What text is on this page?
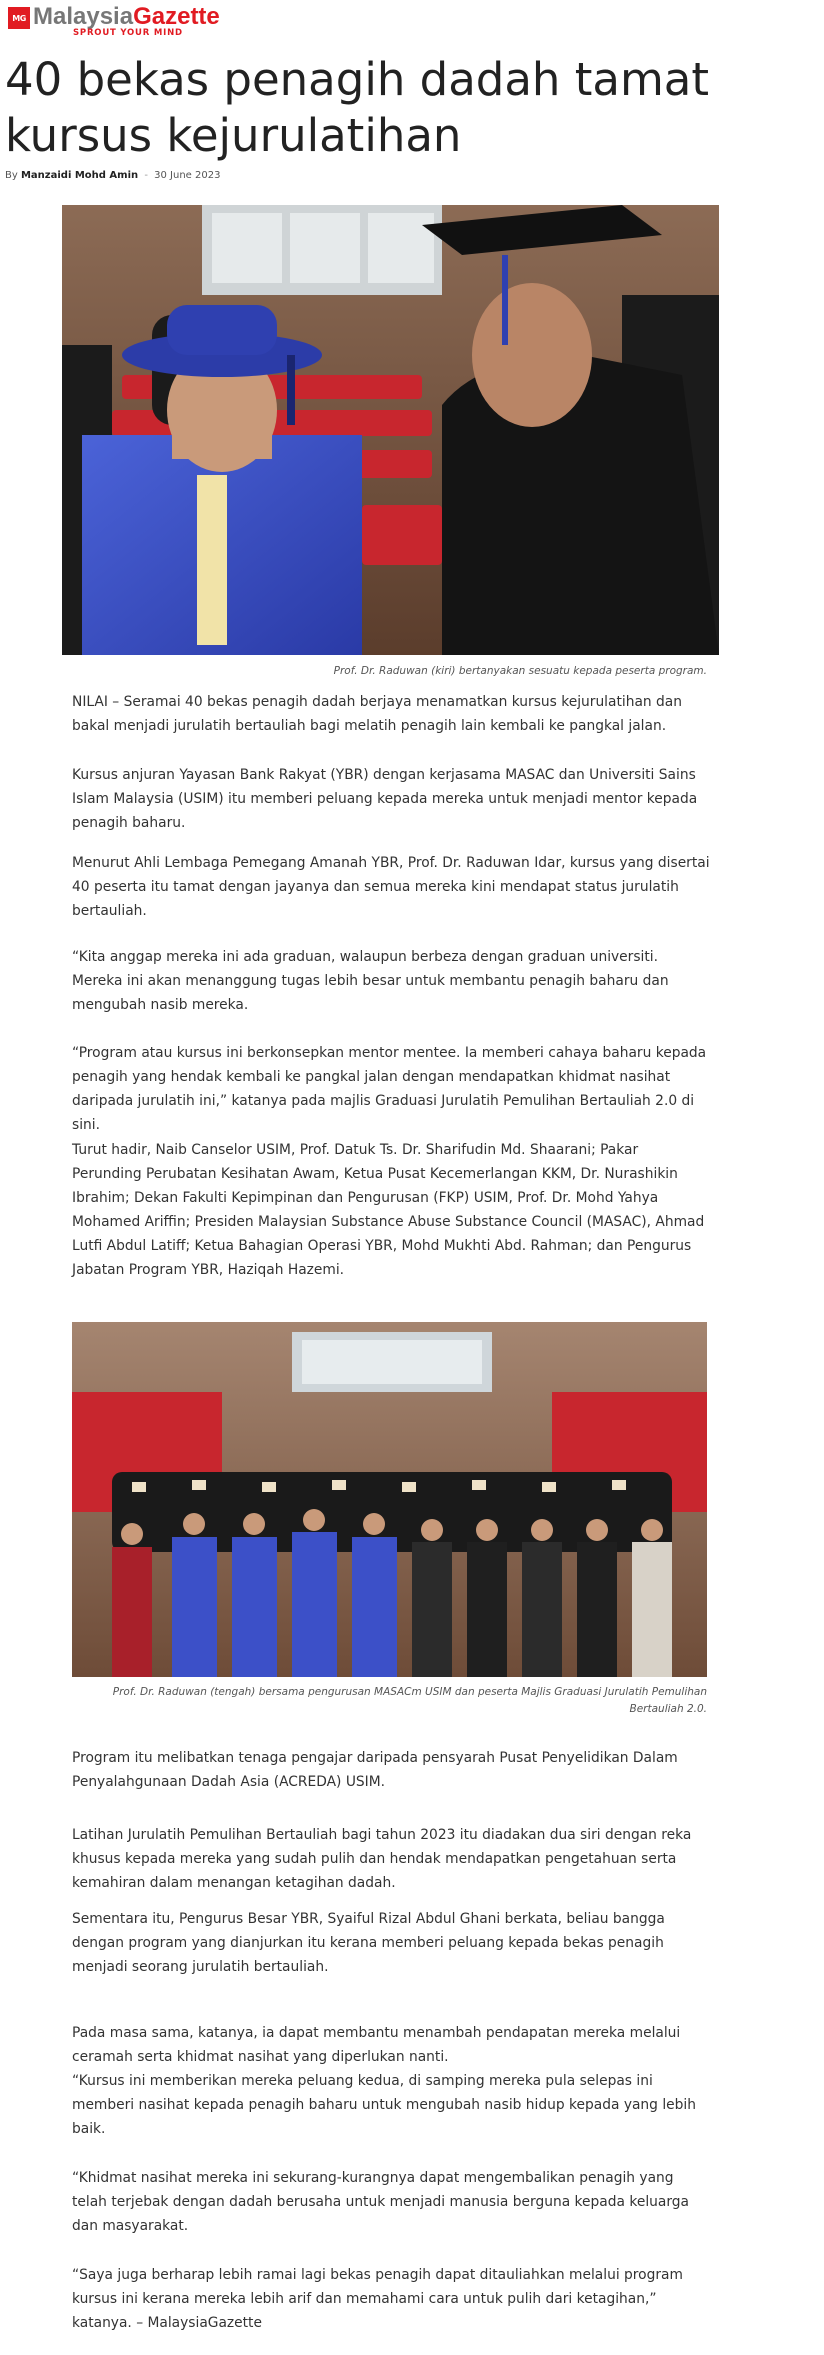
MG MalaysiaGazette
SPROUT YOUR MIND
40 bekas penagih dadah tamat kursus kejurulatihan
By Manzaidi Mohd Amin - 30 June 2023
Prof. Dr. Raduwan (kiri) bertanyakan sesuatu kepada peserta program.

NILAI – Seramai 40 bekas penagih dadah berjaya menamatkan kursus kejurulatihan dan bakal menjadi jurulatih bertauliah bagi melatih penagih lain kembali ke pangkal jalan.

Kursus anjuran Yayasan Bank Rakyat (YBR) dengan kerjasama MASAC dan Universiti Sains Islam Malaysia (USIM) itu memberi peluang kepada mereka untuk menjadi mentor kepada penagih baharu.

Menurut Ahli Lembaga Pemegang Amanah YBR, Prof. Dr. Raduwan Idar, kursus yang disertai 40 peserta itu tamat dengan jayanya dan semua mereka kini mendapat status jurulatih bertauliah.

“Kita anggap mereka ini ada graduan, walaupun berbeza dengan graduan universiti. Mereka ini akan menanggung tugas lebih besar untuk membantu penagih baharu dan mengubah nasib mereka.

“Program atau kursus ini berkonsepkan mentor mentee. Ia memberi cahaya baharu kepada penagih yang hendak kembali ke pangkal jalan dengan mendapatkan khidmat nasihat daripada jurulatih ini,” katanya pada majlis Graduasi Jurulatih Pemulihan Bertauliah 2.0 di sini.

Turut hadir, Naib Canselor USIM, Prof. Datuk Ts. Dr. Sharifudin Md. Shaarani; Pakar Perunding Perubatan Kesihatan Awam, Ketua Pusat Kecemerlangan KKM, Dr. Nurashikin Ibrahim; Dekan Fakulti Kepimpinan dan Pengurusan (FKP) USIM, Prof. Dr. Mohd Yahya Mohamed Ariffin; Presiden Malaysian Substance Abuse Substance Council (MASAC), Ahmad Lutfi Abdul Latiff; Ketua Bahagian Operasi YBR, Mohd Mukhti Abd. Rahman; dan Pengurus Jabatan Program YBR, Haziqah Hazemi.

Prof. Dr. Raduwan (tengah) bersama pengurusan MASACm USIM dan peserta Majlis Graduasi Jurulatih Pemulihan Bertauliah 2.0.

Program itu melibatkan tenaga pengajar daripada pensyarah Pusat Penyelidikan Dalam Penyalahgunaan Dadah Asia (ACREDA) USIM.

Latihan Jurulatih Pemulihan Bertauliah bagi tahun 2023 itu diadakan dua siri dengan reka khusus kepada mereka yang sudah pulih dan hendak mendapatkan pengetahuan serta kemahiran dalam menangan ketagihan dadah.

Sementara itu, Pengurus Besar YBR, Syaiful Rizal Abdul Ghani berkata, beliau bangga dengan program yang dianjurkan itu kerana memberi peluang kepada bekas penagih menjadi seorang jurulatih bertauliah.

Pada masa sama, katanya, ia dapat membantu menambah pendapatan mereka melalui ceramah serta khidmat nasihat yang diperlukan nanti.

“Kursus ini memberikan mereka peluang kedua, di samping mereka pula selepas ini memberi nasihat kepada penagih baharu untuk mengubah nasib hidup kepada yang lebih baik.

“Khidmat nasihat mereka ini sekurang-kurangnya dapat mengembalikan penagih yang telah terjebak dengan dadah berusaha untuk menjadi manusia berguna kepada keluarga dan masyarakat.

“Saya juga berharap lebih ramai lagi bekas penagih dapat ditauliahkan melalui program kursus ini kerana mereka lebih arif dan memahami cara untuk pulih dari ketagihan,” katanya. – MalaysiaGazette
